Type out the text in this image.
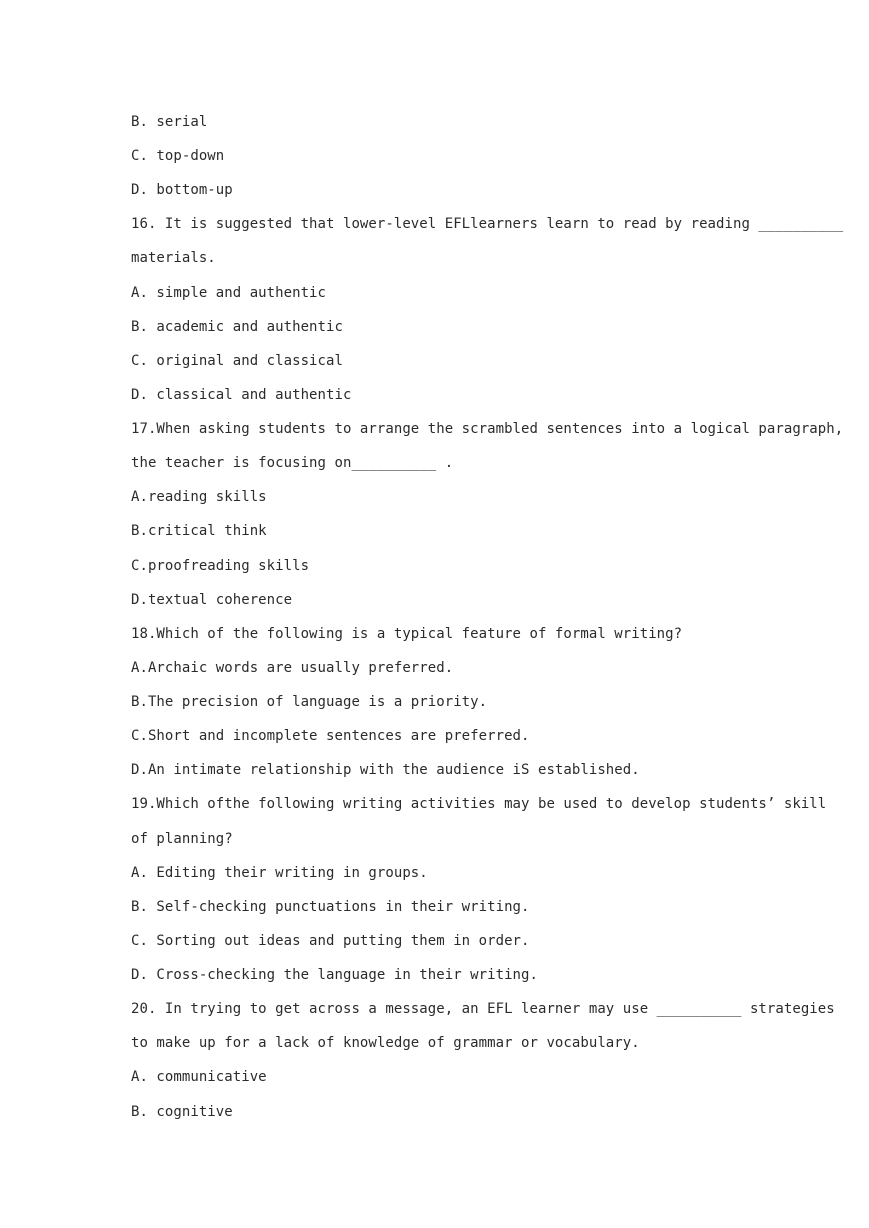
B. serial
C. top-down
D. bottom-up
16. It is suggested that lower-level EFLlearners learn to read by reading __________
materials.
A. simple and authentic
B. academic and authentic
C. original and classical
D. classical and authentic
17.When asking students to arrange the scrambled sentences into a logical paragraph,
the teacher is focusing on__________ .
A.reading skills
B.critical think
C.proofreading skills
D.textual coherence
18.Which of the following is a typical feature of formal writing?
A.Archaic words are usually preferred.
B.The precision of language is a priority.
C.Short and incomplete sentences are preferred.
D.An intimate relationship with the audience iS established.
19.Which ofthe following writing activities may be used to develop students’ skill
of planning?
A. Editing their writing in groups.
B. Self-checking punctuations in their writing.
C. Sorting out ideas and putting them in order.
D. Cross-checking the language in their writing.
20. In trying to get across a message, an EFL learner may use __________ strategies
to make up for a lack of knowledge of grammar or vocabulary.
A. communicative
B. cognitive
